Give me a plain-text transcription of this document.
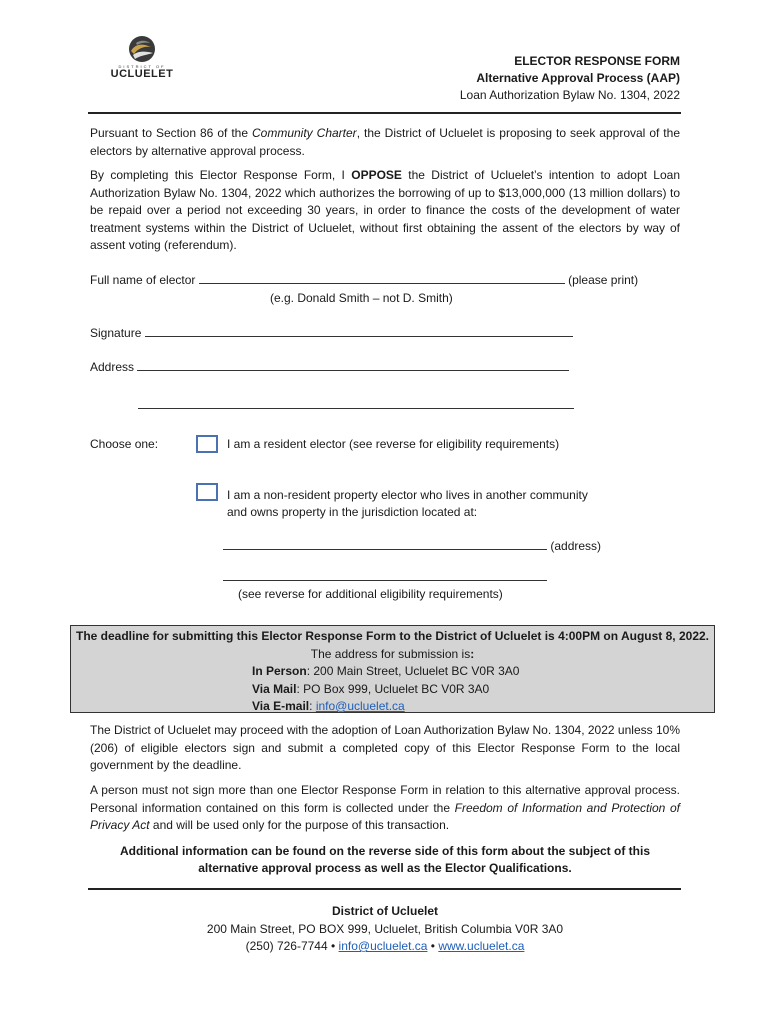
DISTRICT OF
UCLUELET
ELECTOR RESPONSE FORM
Alternative Approval Process (AAP)
Loan Authorization Bylaw No. 1304, 2022
Pursuant to Section 86 of the Community Charter, the District of Ucluelet is proposing to seek approval of the electors by alternative approval process.
By completing this Elector Response Form, I OPPOSE the District of Ucluelet’s intention to adopt Loan Authorization Bylaw No. 1304, 2022 which authorizes the borrowing of up to $13,000,000 (13 million dollars) to be repaid over a period not exceeding 30 years, in order to finance the costs of the development of water treatment systems within the District of Ucluelet, without first obtaining the assent of the electors by way of assent voting (referendum).
Full name of elector	(please print)
(e.g. Donald Smith – not D. Smith)
Signature
Address
Choose one:	I am a resident elector (see reverse for eligibility requirements)
I am a non-resident property elector who lives in another community
and owns property in the jurisdiction located at:
(address)
(see reverse for additional eligibility requirements)
The deadline for submitting this Elector Response Form to the District of Ucluelet is 4:00PM on August 8, 2022.
The address for submission is:
In Person: 200 Main Street, Ucluelet BC V0R 3A0
Via Mail: PO Box 999, Ucluelet BC V0R 3A0
Via E-mail: info@ucluelet.ca
The District of Ucluelet may proceed with the adoption of Loan Authorization Bylaw No. 1304, 2022 unless 10% (206) of eligible electors sign and submit a completed copy of this Elector Response Form to the local government by the deadline.
A person must not sign more than one Elector Response Form in relation to this alternative approval process. Personal information contained on this form is collected under the Freedom of Information and Protection of Privacy Act and will be used only for the purpose of this transaction.
Additional information can be found on the reverse side of this form about the subject of this
alternative approval process as well as the Elector Qualifications.
District of Ucluelet
200 Main Street, PO BOX 999, Ucluelet, British Columbia V0R 3A0
(250) 726-7744 • info@ucluelet.ca • www.ucluelet.ca
